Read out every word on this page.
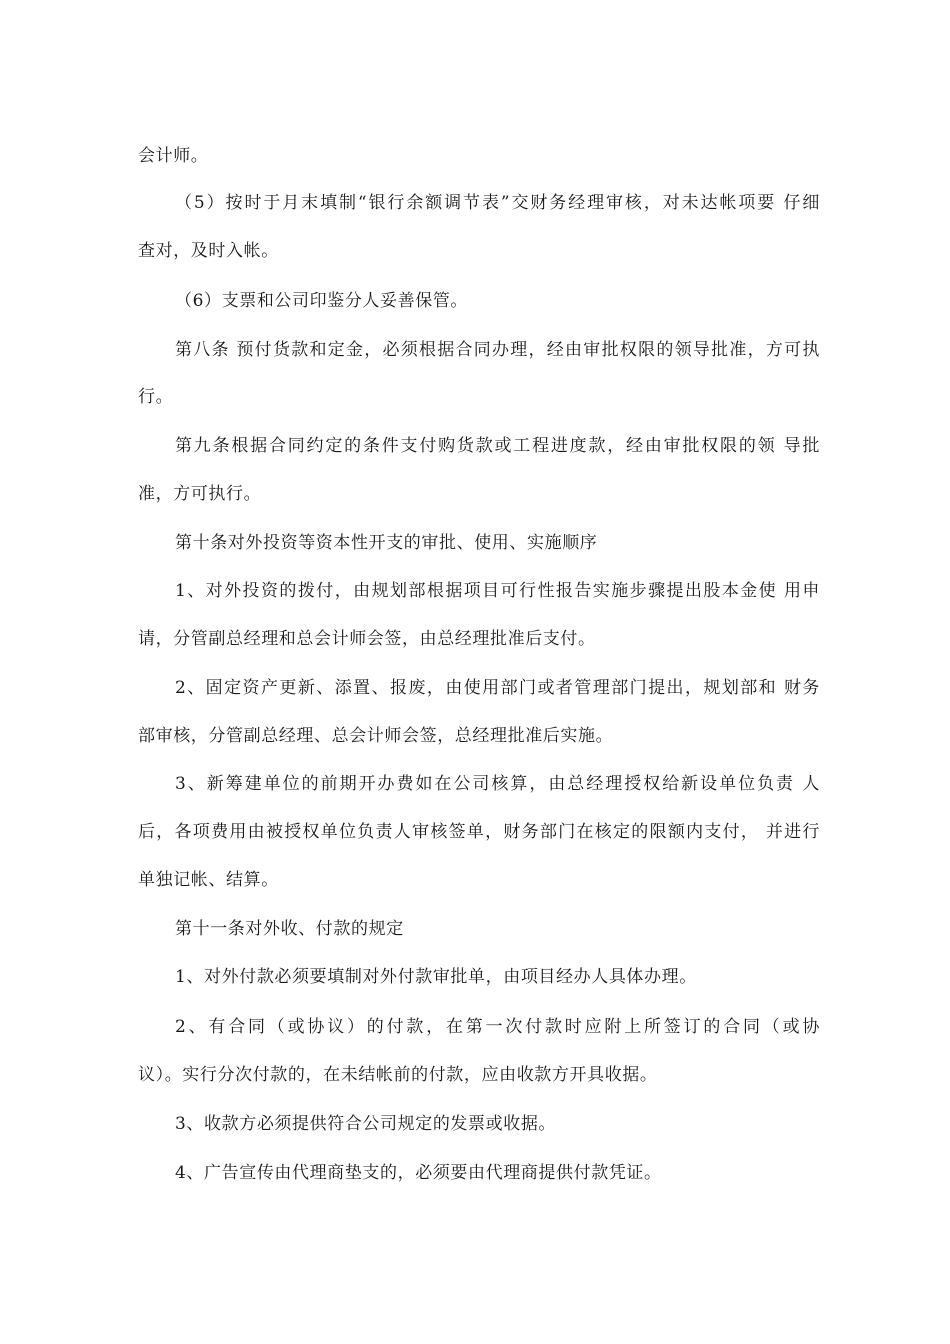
会计师。
（5）按时于月末填制“银行余额调节表”交财务经理审核，对未达帐项要 仔细
查对，及时入帐。
（6）支票和公司印鉴分人妥善保管。
第八条 预付货款和定金，必须根据合同办理，经由审批权限的领导批准，方可执
行。
第九条根据合同约定的条件支付购货款或工程进度款，经由审批权限的领 导批
准，方可执行。
第十条对外投资等资本性开支的审批、使用、实施顺序
1、对外投资的拨付，由规划部根据项目可行性报告实施步骤提出股本金使 用申
请，分管副总经理和总会计师会签，由总经理批准后支付。
2、固定资产更新、添置、报废，由使用部门或者管理部门提出，规划部和 财务
部审核，分管副总经理、总会计师会签，总经理批准后实施。
3、新筹建单位的前期开办费如在公司核算，由总经理授权给新设单位负责 人
后，各项费用由被授权单位负责人审核签单，财务部门在核定的限额内支付， 并进行
单独记帐、结算。
第十一条对外收、付款的规定
1、对外付款必须要填制对外付款审批单，由项目经办人具体办理。
2、有合同（或协议）的付款，在第一次付款时应附上所签订的合同（或协
议）。实行分次付款的，在未结帐前的付款，应由收款方开具收据。
3、收款方必须提供符合公司规定的发票或收据。
4、广告宣传由代理商垫支的，必须要由代理商提供付款凭证。
